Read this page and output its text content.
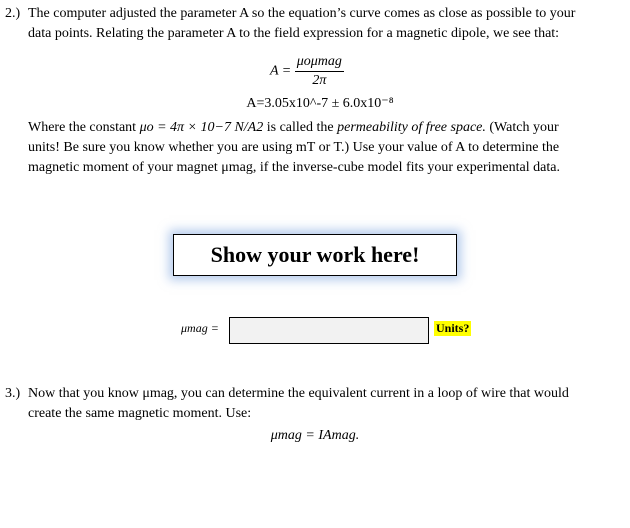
2.) The computer adjusted the parameter A so the equation’s curve comes as close as possible to your
data points. Relating the parameter A to the field expression for a magnetic dipole, we see that:
$A = \frac{\text{μoμmag}}{2\pi}$
A=3.05x10^-7 ± 6.0x10⁻⁸
Where the constant μo = 4π × 10−7 N/A2 is called the permeability of free space. (Watch your
units! Be sure you know whether you are using mT or T.) Use your value of A to determine the
magnetic moment of your magnet μmag, if the inverse-cube model fits your experimental data.
Show your work here!
μmag =	Units?
3.) Now that you know μmag, you can determine the equivalent current in a loop of wire that would
create the same magnetic moment. Use:
μmag = IAmag.
